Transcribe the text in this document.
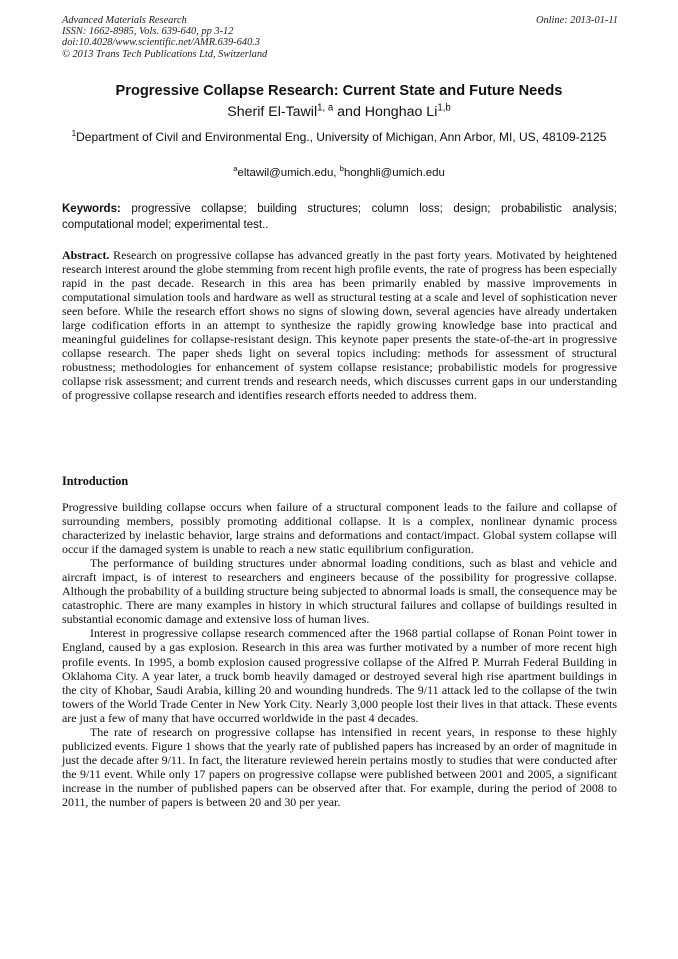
Advanced Materials Research
ISSN: 1662-8985, Vols. 639-640, pp 3-12
doi:10.4028/www.scientific.net/AMR.639-640.3
© 2013 Trans Tech Publications Ltd, Switzerland
Online: 2013-01-11
Progressive Collapse Research: Current State and Future Needs
Sherif El-Tawil$^{1, a}$ and Honghao Li$^{1,b}$
$^1$Department of Civil and Environmental Eng., University of Michigan, Ann Arbor, MI, US, 48109-2125
$^a$eltawil@umich.edu, $^b$honghli@umich.edu
Keywords: progressive collapse; building structures; column loss; design; probabilistic analysis; computational model; experimental test..
Abstract. Research on progressive collapse has advanced greatly in the past forty years. Motivated by heightened research interest around the globe stemming from recent high profile events, the rate of progress has been especially rapid in the past decade. Research in this area has been primarily enabled by massive improvements in computational simulation tools and hardware as well as structural testing at a scale and level of sophistication never seen before. While the research effort shows no signs of slowing down, several agencies have already undertaken large codification efforts in an attempt to synthesize the rapidly growing knowledge base into practical and meaningful guidelines for collapse-resistant design. This keynote paper presents the state-of-the-art in progressive collapse research. The paper sheds light on several topics including: methods for assessment of structural robustness; methodologies for enhancement of system collapse resistance; probabilistic models for progressive collapse risk assessment; and current trends and research needs, which discusses current gaps in our understanding of progressive collapse research and identifies research efforts needed to address them.
Introduction

Progressive building collapse occurs when failure of a structural component leads to the failure and collapse of surrounding members, possibly promoting additional collapse. It is a complex, nonlinear dynamic process characterized by inelastic behavior, large strains and deformations and contact/impact. Global system collapse will occur if the damaged system is unable to reach a new static equilibrium configuration.

The performance of building structures under abnormal loading conditions, such as blast and vehicle and aircraft impact, is of interest to researchers and engineers because of the possibility for progressive collapse. Although the probability of a building structure being subjected to abnormal loads is small, the consequence may be catastrophic. There are many examples in history in which structural failures and collapse of buildings resulted in substantial economic damage and extensive loss of human lives.

Interest in progressive collapse research commenced after the 1968 partial collapse of Ronan Point tower in England, caused by a gas explosion. Research in this area was further motivated by a number of more recent high profile events. In 1995, a bomb explosion caused progressive collapse of the Alfred P. Murrah Federal Building in Oklahoma City. A year later, a truck bomb heavily damaged or destroyed several high rise apartment buildings in the city of Khobar, Saudi Arabia, killing 20 and wounding hundreds. The 9/11 attack led to the collapse of the twin towers of the World Trade Center in New York City. Nearly 3,000 people lost their lives in that attack. These events are just a few of many that have occurred worldwide in the past 4 decades.

The rate of research on progressive collapse has intensified in recent years, in response to these highly publicized events. Figure 1 shows that the yearly rate of published papers has increased by an order of magnitude in just the decade after 9/11. In fact, the literature reviewed herein pertains mostly to studies that were conducted after the 9/11 event. While only 17 papers on progressive collapse were published between 2001 and 2005, a significant increase in the number of published papers can be observed after that. For example, during the period of 2008 to 2011, the number of papers is between 20 and 30 per year.
